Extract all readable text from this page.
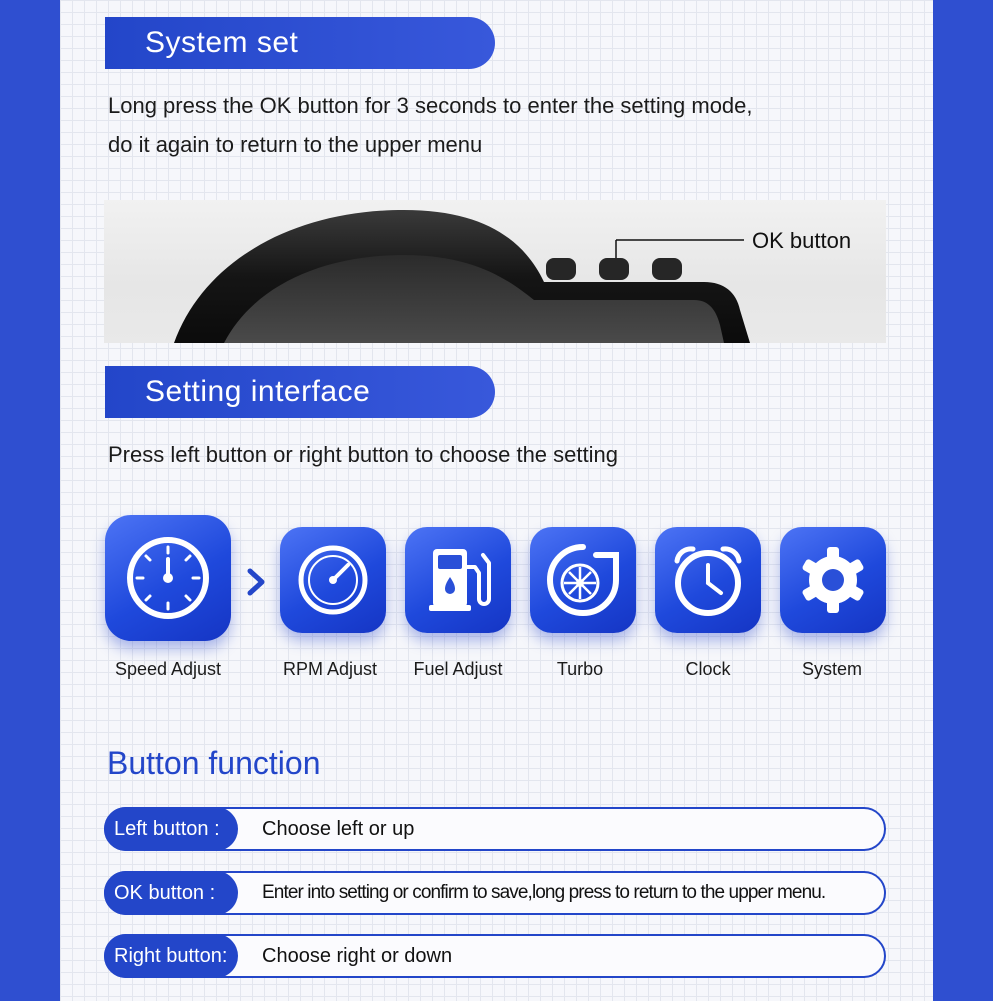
System set
Long press the OK button for 3 seconds to enter the setting mode,
do it again to return to the upper menu
OK button
Setting interface
Press left button or right button to choose the setting
Speed Adjust	RPM Adjust	Fuel Adjust	Turbo	Clock	System
Button function
Left button :	Choose left or up
OK button :	Enter into setting or confirm to save,long press to return to the upper menu.
Right button:	Choose right or down
